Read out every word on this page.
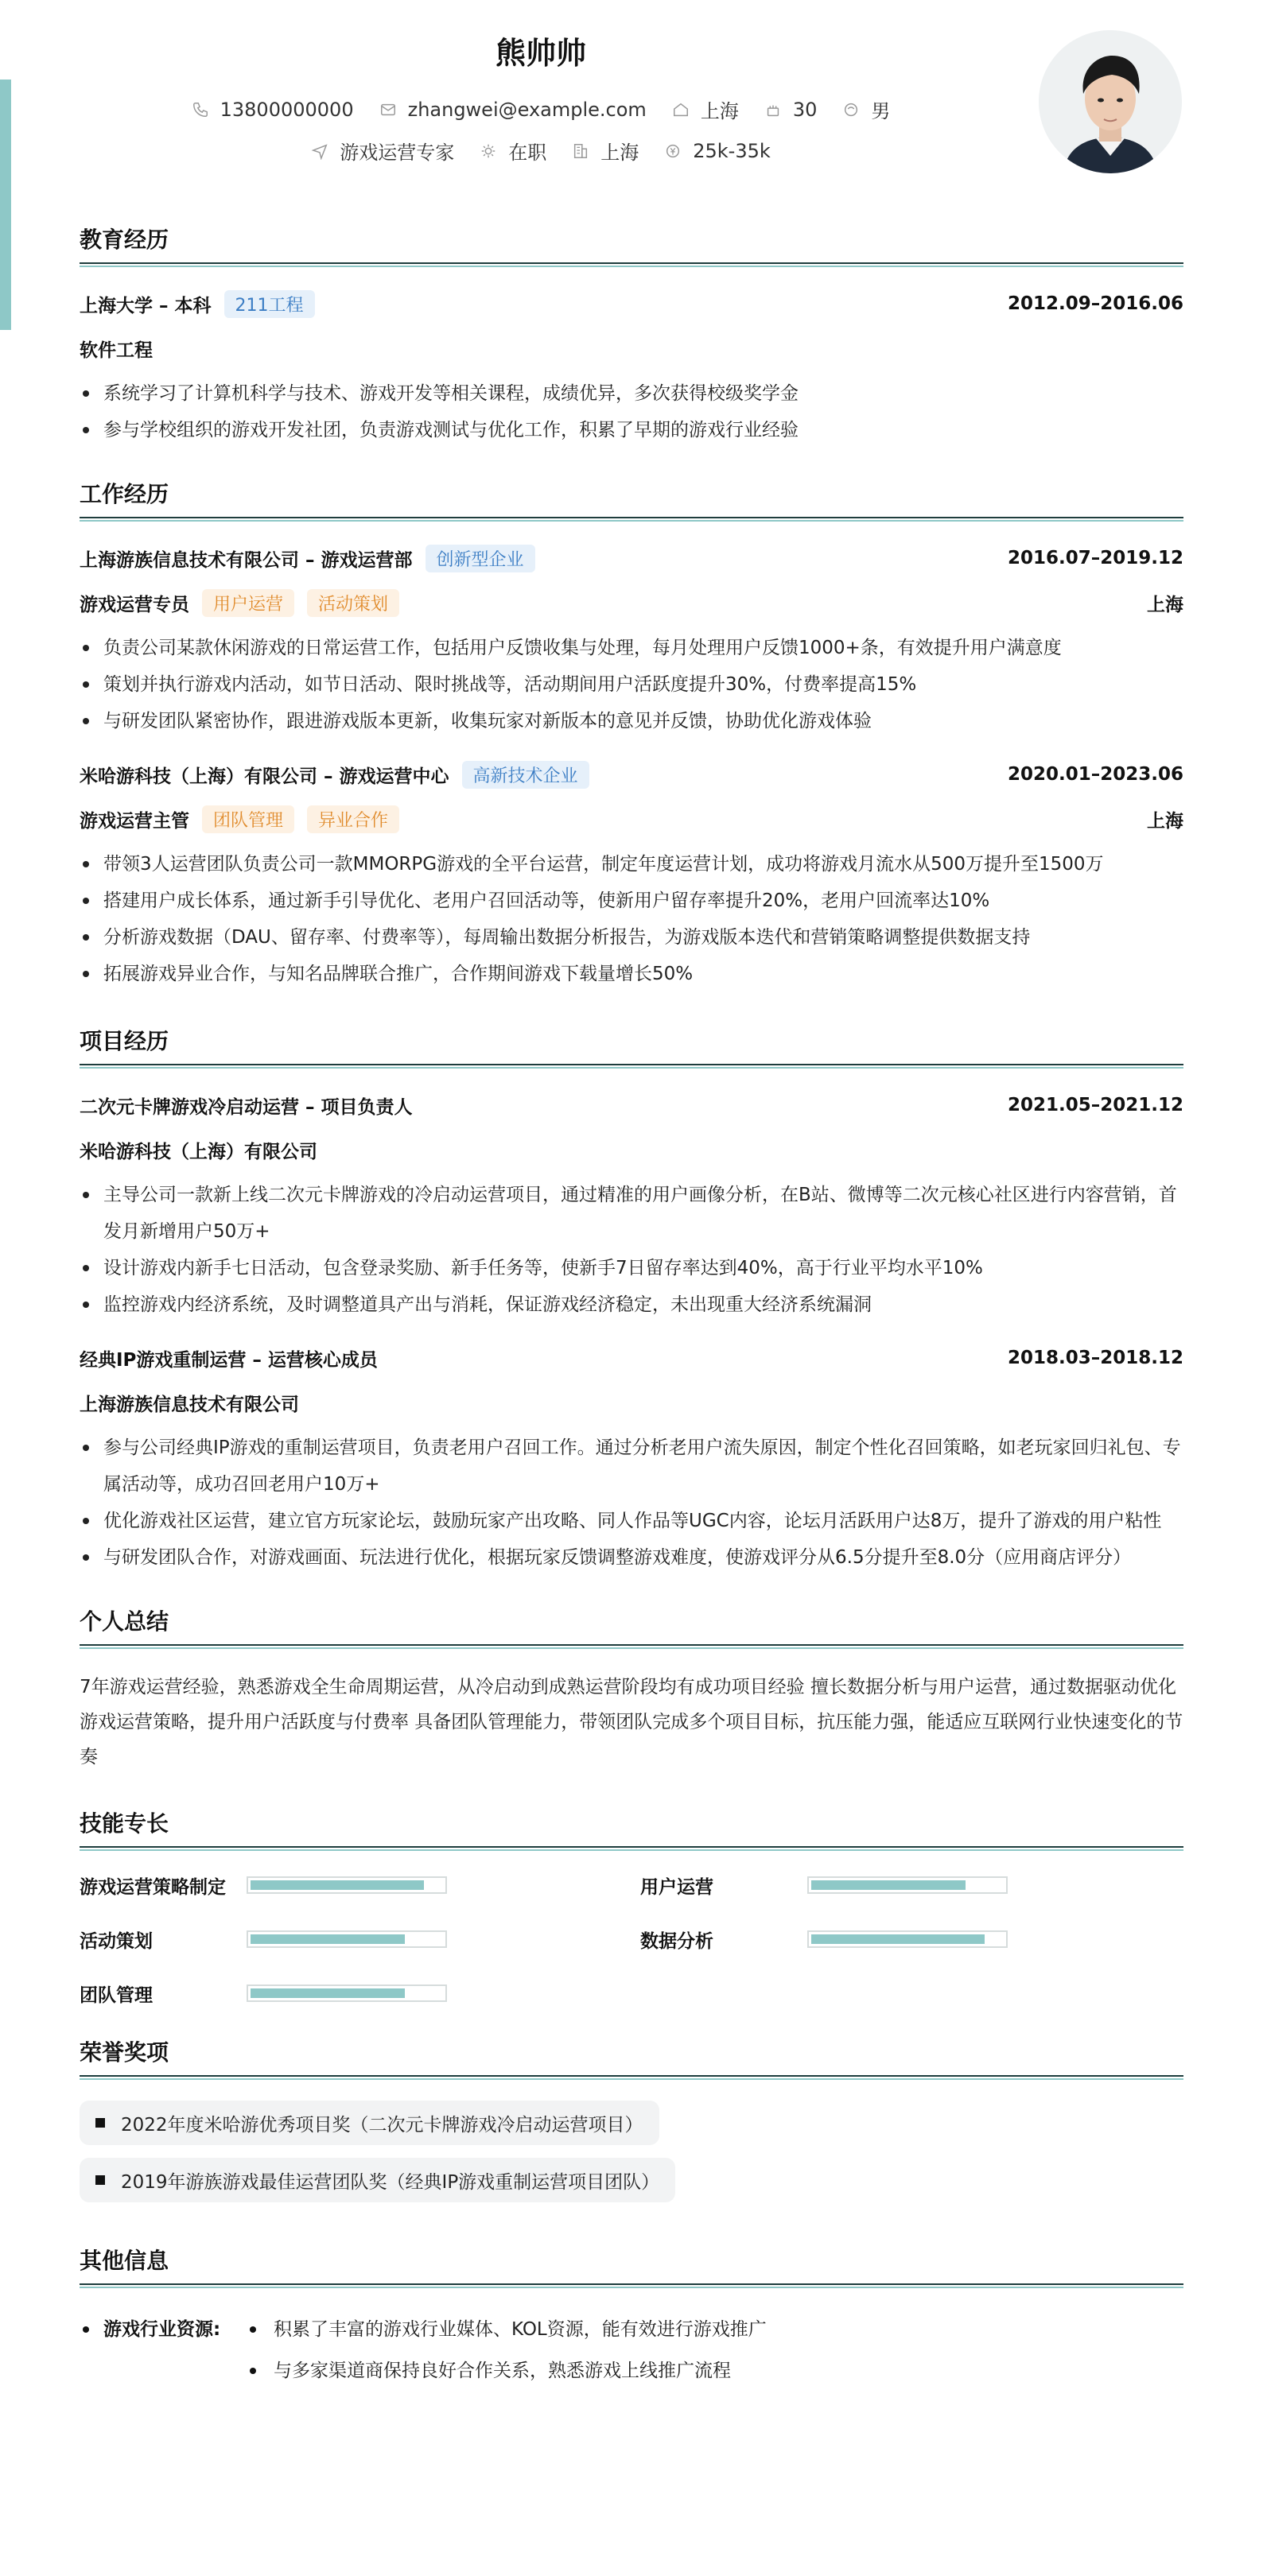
熊帅帅
13800000000	zhangwei@example.com	上海	30	男
游戏运营专家	在职	上海	25k-35k
教育经历
上海大学 – 本科	211工程	2012.09–2016.06
软件工程
系统学习了计算机科学与技术、游戏开发等相关课程，成绩优异，多次获得校级奖学金
参与学校组织的游戏开发社团，负责游戏测试与优化工作，积累了早期的游戏行业经验
工作经历
上海游族信息技术有限公司 – 游戏运营部	创新型企业	2016.07–2019.12
游戏运营专员	用户运营	活动策划	上海
负责公司某款休闲游戏的日常运营工作，包括用户反馈收集与处理，每月处理用户反馈1000+条，有效提升用户满意度
策划并执行游戏内活动，如节日活动、限时挑战等，活动期间用户活跃度提升30%，付费率提高15%
与研发团队紧密协作，跟进游戏版本更新，收集玩家对新版本的意见并反馈，协助优化游戏体验
米哈游科技（上海）有限公司 – 游戏运营中心	高新技术企业	2020.01–2023.06
游戏运营主管	团队管理	异业合作	上海
带领3人运营团队负责公司一款MMORPG游戏的全平台运营，制定年度运营计划，成功将游戏月流水从500万提升至1500万
搭建用户成长体系，通过新手引导优化、老用户召回活动等，使新用户留存率提升20%，老用户回流率达10%
分析游戏数据（DAU、留存率、付费率等），每周输出数据分析报告，为游戏版本迭代和营销策略调整提供数据支持
拓展游戏异业合作，与知名品牌联合推广，合作期间游戏下载量增长50%
项目经历
二次元卡牌游戏冷启动运营 – 项目负责人	2021.05–2021.12
米哈游科技（上海）有限公司
主导公司一款新上线二次元卡牌游戏的冷启动运营项目，通过精准的用户画像分析，在B站、微博等二次元核心社区进行内容营销，首发月新增用户50万+
设计游戏内新手七日活动，包含登录奖励、新手任务等，使新手7日留存率达到40%，高于行业平均水平10%
监控游戏内经济系统，及时调整道具产出与消耗，保证游戏经济稳定，未出现重大经济系统漏洞
经典IP游戏重制运营 – 运营核心成员	2018.03–2018.12
上海游族信息技术有限公司
参与公司经典IP游戏的重制运营项目，负责老用户召回工作。通过分析老用户流失原因，制定个性化召回策略，如老玩家回归礼包、专属活动等，成功召回老用户10万+
优化游戏社区运营，建立官方玩家论坛，鼓励玩家产出攻略、同人作品等UGC内容，论坛月活跃用户达8万，提升了游戏的用户粘性
与研发团队合作，对游戏画面、玩法进行优化，根据玩家反馈调整游戏难度，使游戏评分从6.5分提升至8.0分（应用商店评分）
个人总结
7年游戏运营经验，熟悉游戏全生命周期运营，从冷启动到成熟运营阶段均有成功项目经验 擅长数据分析与用户运营，通过数据驱动优化游戏运营策略，提升用户活跃度与付费率 具备团队管理能力，带领团队完成多个项目目标，抗压能力强，能适应互联网行业快速变化的节奏
技能专长
游戏运营策略制定	用户运营
活动策划	数据分析
团队管理
荣誉奖项
2022年度米哈游优秀项目奖（二次元卡牌游戏冷启动运营项目）
2019年游族游戏最佳运营团队奖（经典IP游戏重制运营项目团队）
其他信息
游戏行业资源:	积累了丰富的游戏行业媒体、KOL资源，能有效进行游戏推广
与多家渠道商保持良好合作关系，熟悉游戏上线推广流程
